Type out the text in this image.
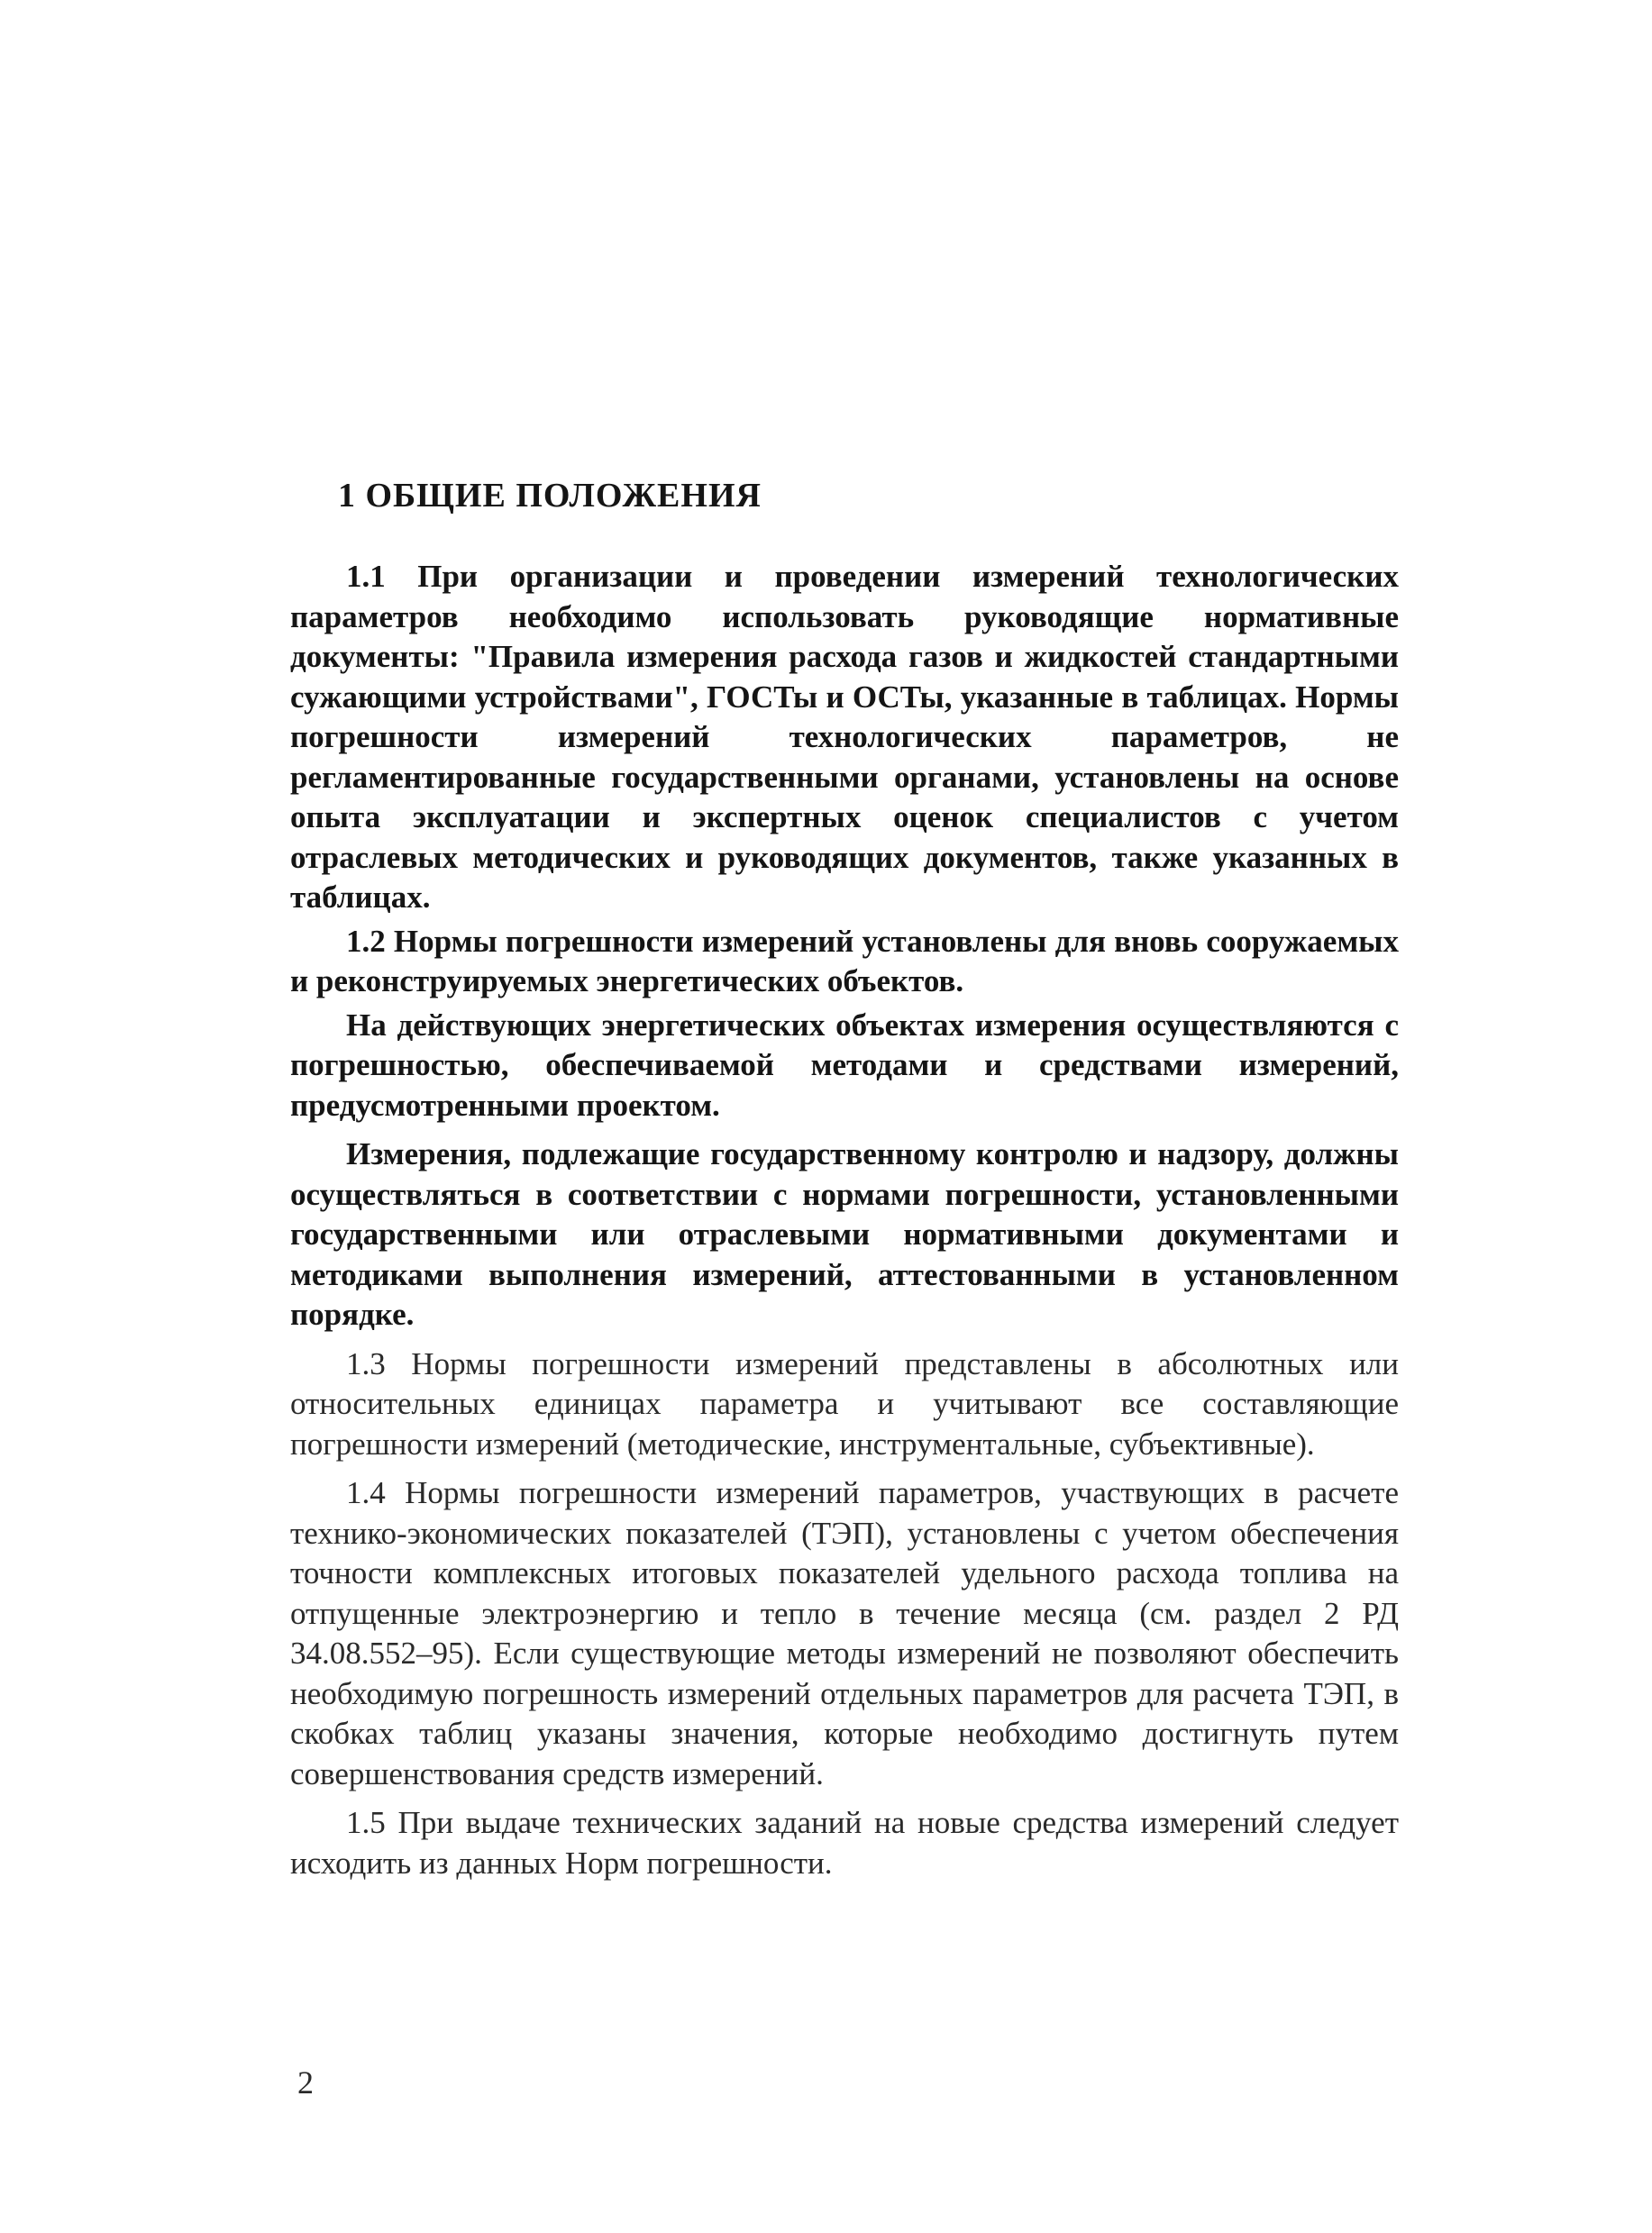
1 ОБЩИЕ ПОЛОЖЕНИЯ

1.1 При организации и проведении измерений технологических параметров необходимо использовать руководящие нормативные документы: "Правила измерения расхода газов и жидкостей стандартными сужающими устройствами", ГОСТы и ОСТы, указанные в таблицах. Нормы погрешности измерений технологических параметров, не регламентированные государственными органами, установлены на основе опыта эксплуатации и экспертных оценок специалистов с учетом отраслевых методических и руководящих документов, также указанных в таблицах.

1.2 Нормы погрешности измерений установлены для вновь сооружаемых и реконструируемых энергетических объектов.

На действующих энергетических объектах измерения осуществляются с погрешностью, обеспечиваемой методами и средствами измерений, предусмотренными проектом.

Измерения, подлежащие государственному контролю и надзору, должны осуществляться в соответствии с нормами погрешности, установленными государственными или отраслевыми нормативными документами и методиками выполнения измерений, аттестованными в установленном порядке.

1.3 Нормы погрешности измерений представлены в абсолютных или относительных единицах параметра и учитывают все составляющие погрешности измерений (методические, инструментальные, субъективные).

1.4 Нормы погрешности измерений параметров, участвующих в расчете технико-экономических показателей (ТЭП), установлены с учетом обеспечения точности комплексных итоговых показателей удельного расхода топлива на отпущенные электроэнергию и тепло в течение месяца (см. раздел 2 РД 34.08.552–95). Если существующие методы измерений не позволяют обеспечить необходимую погрешность измерений отдельных параметров для расчета ТЭП, в скобках таблиц указаны значения, которые необходимо достигнуть путем совершенствования средств измерений.

1.5 При выдаче технических заданий на новые средства измерений следует исходить из данных Норм погрешности.

2
